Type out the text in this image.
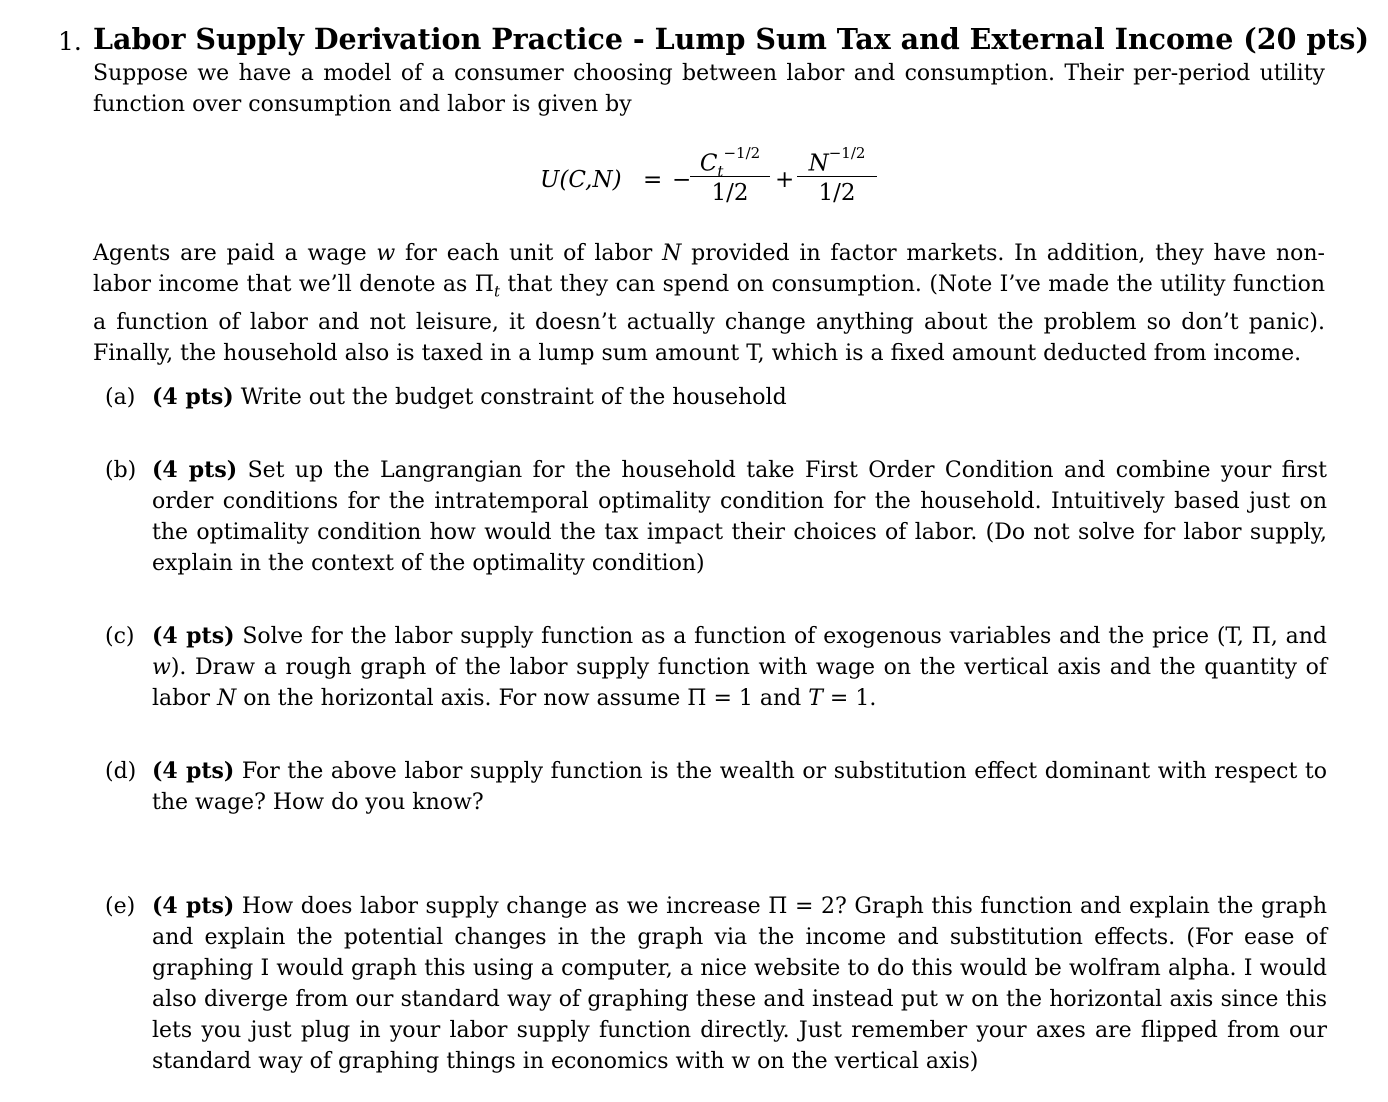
1. Labor Supply Derivation Practice - Lump Sum Tax and External Income (20 pts)
Suppose we have a model of a consumer choosing between labor and consumption. Their per-period utility function over consumption and labor is given by
U(C,N) = −
$C_t^{-1/2}$
1/2	+
$N^{-1/2}$
1/2
Agents are paid a wage w for each unit of labor N provided in factor markets. In addition, they have non-labor income that we’ll denote as $\Pi_t$ that they can spend on consumption. (Note I’ve made the utility function a function of labor and not leisure, it doesn’t actually change anything about the problem so don’t panic). Finally, the household also is taxed in a lump sum amount T, which is a fixed amount deducted from income.
(a) (4 pts) Write out the budget constraint of the household
(b) (4 pts) Set up the Langrangian for the household take First Order Condition and combine your first order conditions for the intratemporal optimality condition for the household. Intuitively based just on the optimality condition how would the tax impact their choices of labor. (Do not solve for labor supply, explain in the context of the optimality condition)
(c) (4 pts) Solve for the labor supply function as a function of exogenous variables and the price (T, Π, and w). Draw a rough graph of the labor supply function with wage on the vertical axis and the quantity of labor N on the horizontal axis. For now assume Π = 1 and T = 1.
(d) (4 pts) For the above labor supply function is the wealth or substitution effect dominant with respect to the wage? How do you know?
(e) (4 pts) How does labor supply change as we increase Π = 2? Graph this function and explain the graph and explain the potential changes in the graph via the income and substitution effects. (For ease of graphing I would graph this using a computer, a nice website to do this would be wolfram alpha. I would also diverge from our standard way of graphing these and instead put w on the horizontal axis since this lets you just plug in your labor supply function directly. Just remember your axes are flipped from our standard way of graphing things in economics with w on the vertical axis)
